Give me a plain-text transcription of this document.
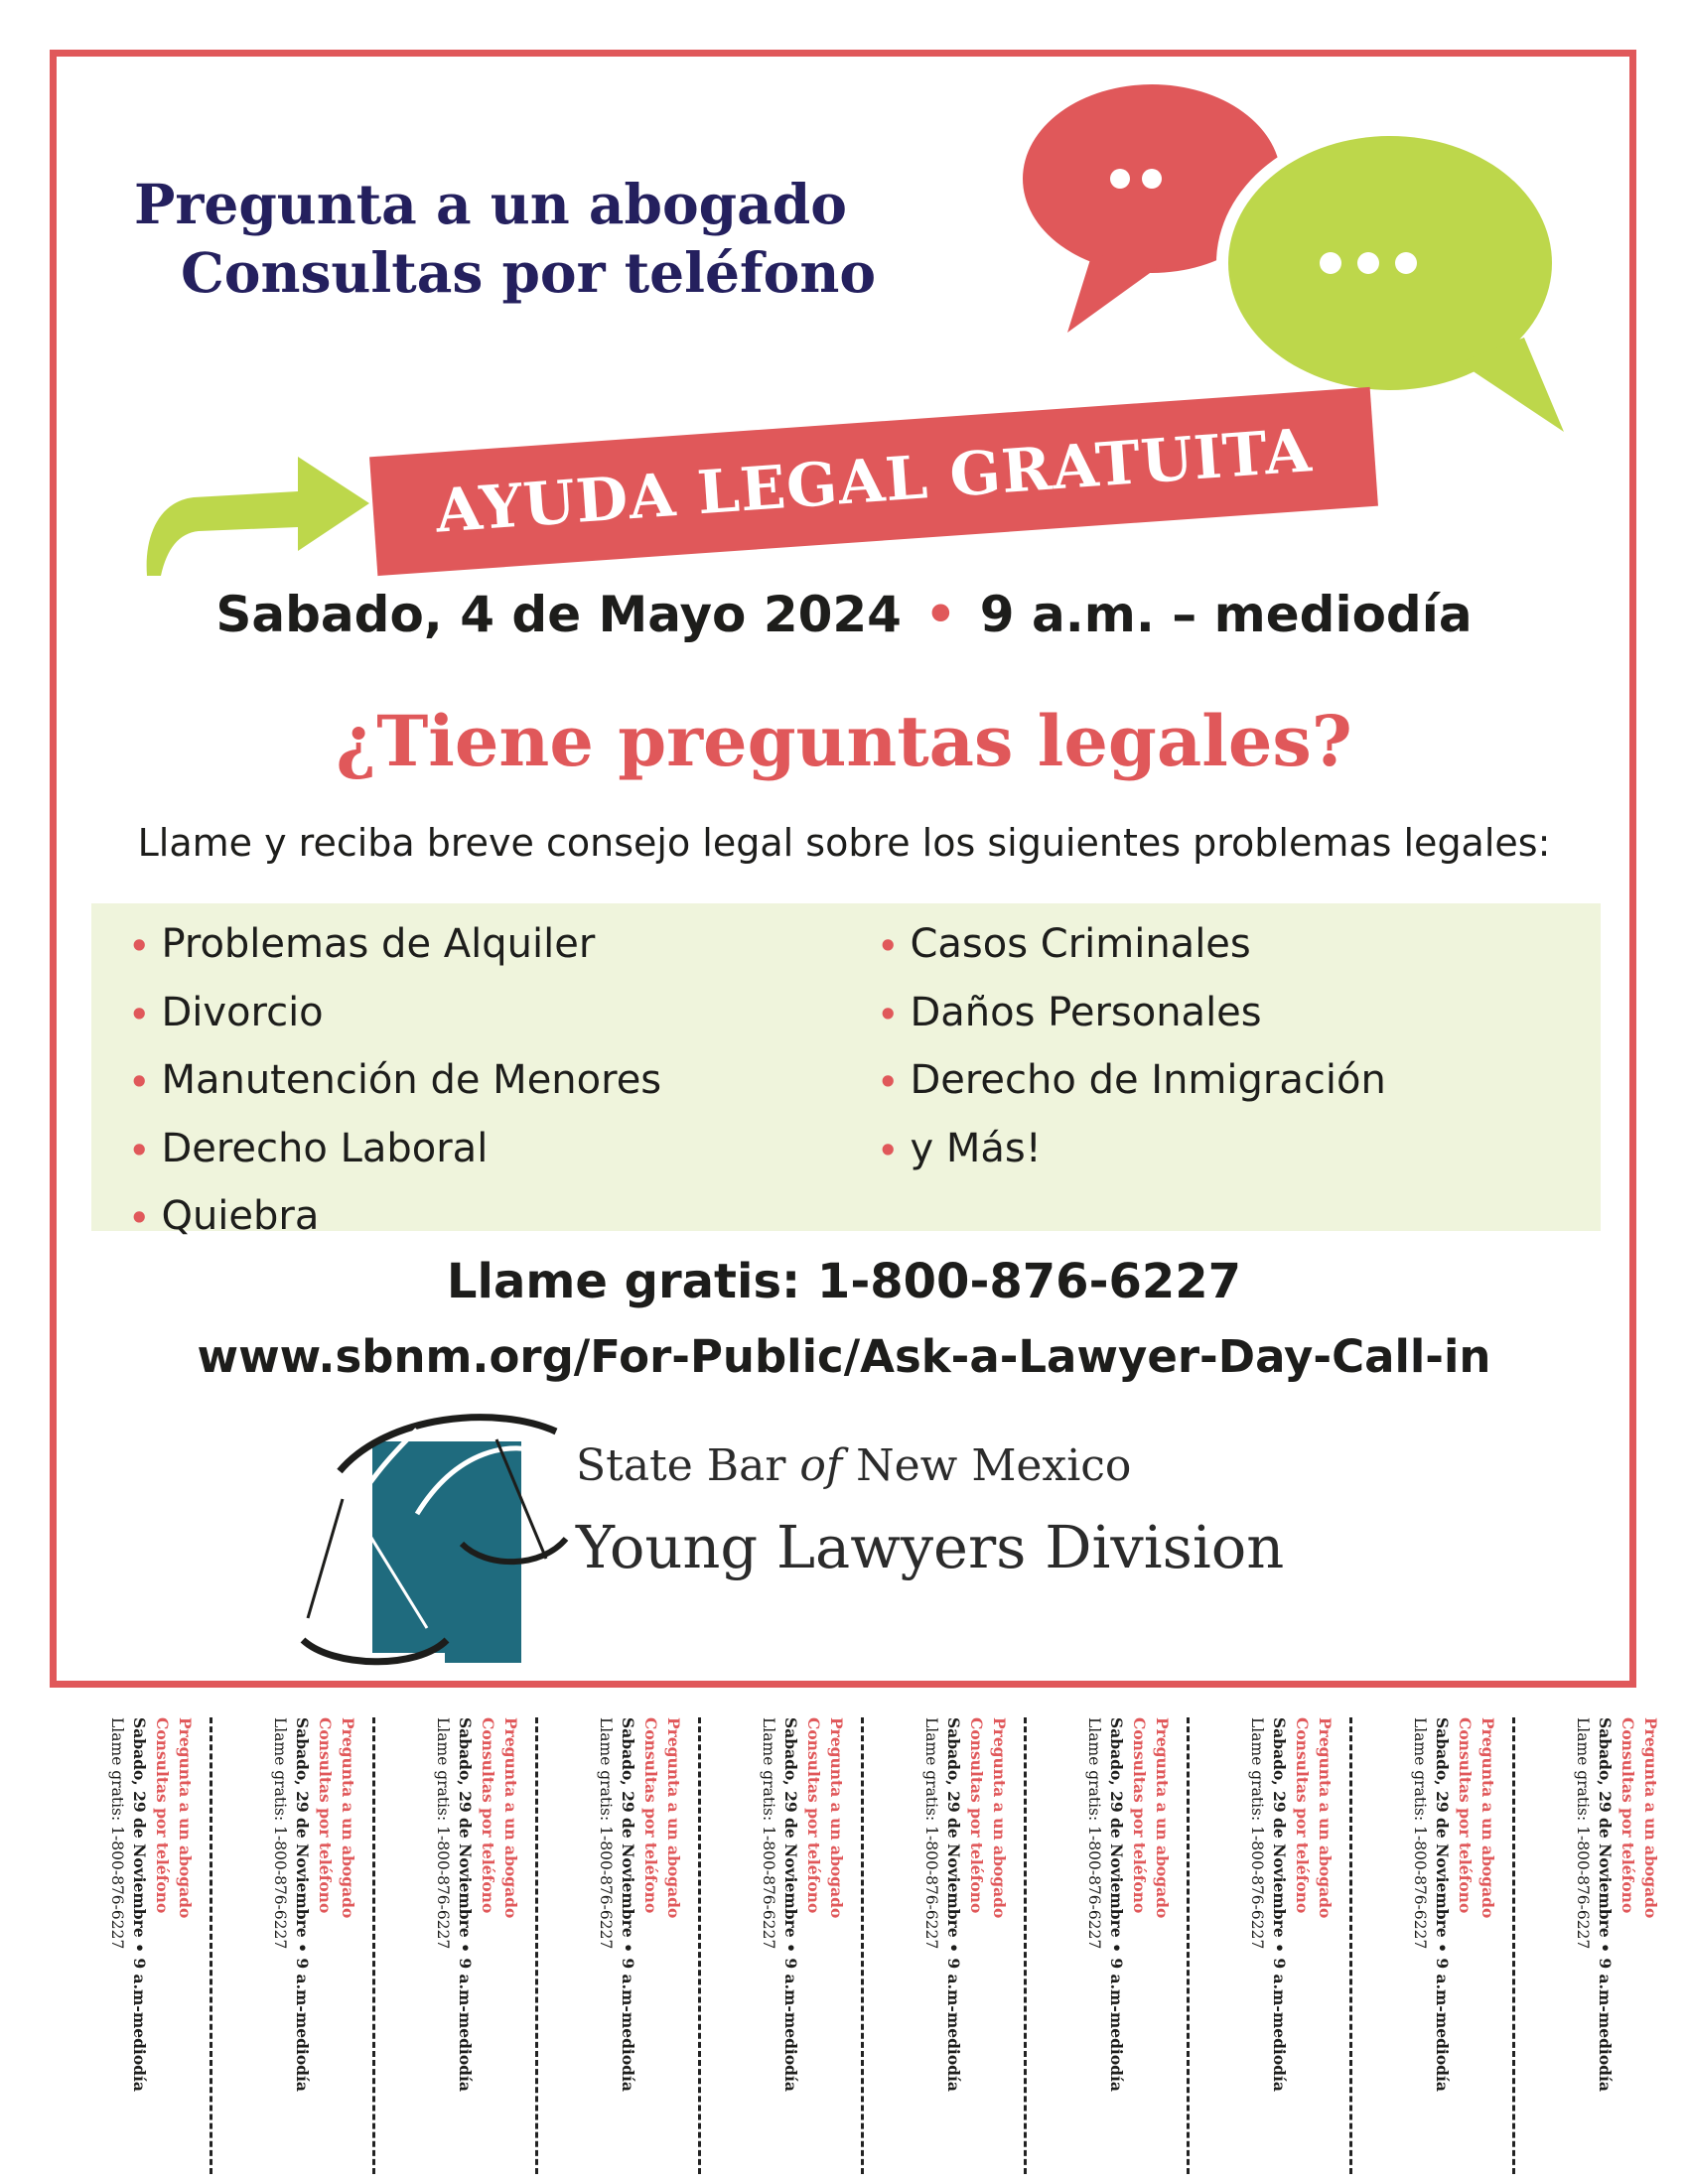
Pregunta a un abogado
Consultas por teléfono
AYUDA LEGAL GRATUITA
Sabado, 4 de Mayo 2024 • 9 a.m. – mediodía
¿Tiene preguntas legales?
Llame y reciba breve consejo legal sobre los siguientes problemas legales:
• Problemas de Alquiler
• Divorcio
• Manutención de Menores
• Derecho Laboral
• Quiebra
• Casos Criminales
• Daños Personales
• Derecho de Inmigración
• y Más!
Llame gratis: 1-800-876-6227
www.sbnm.org/For-Public/Ask-a-Lawyer-Day-Call-in
State Bar of New Mexico
Young Lawyers Division
Pregunta a un abogado
Consultas por teléfono
Sabado, 29 de Noviembre • 9 a.m-mediodía
Llame gratis: 1-800-876-6227	Pregunta a un abogado
Consultas por teléfono
Sabado, 29 de Noviembre • 9 a.m-mediodía
Llame gratis: 1-800-876-6227	Pregunta a un abogado
Consultas por teléfono
Sabado, 29 de Noviembre • 9 a.m-mediodía
Llame gratis: 1-800-876-6227	Pregunta a un abogado
Consultas por teléfono
Sabado, 29 de Noviembre • 9 a.m-mediodía
Llame gratis: 1-800-876-6227	Pregunta a un abogado
Consultas por teléfono
Sabado, 29 de Noviembre • 9 a.m-mediodía
Llame gratis: 1-800-876-6227	Pregunta a un abogado
Consultas por teléfono
Sabado, 29 de Noviembre • 9 a.m-mediodía
Llame gratis: 1-800-876-6227	Pregunta a un abogado
Consultas por teléfono
Sabado, 29 de Noviembre • 9 a.m-mediodía
Llame gratis: 1-800-876-6227	Pregunta a un abogado
Consultas por teléfono
Sabado, 29 de Noviembre • 9 a.m-mediodía
Llame gratis: 1-800-876-6227	Pregunta a un abogado
Consultas por teléfono
Sabado, 29 de Noviembre • 9 a.m-mediodía
Llame gratis: 1-800-876-6227	Pregunta a un abogado
Consultas por teléfono
Sabado, 29 de Noviembre • 9 a.m-mediodía
Llame gratis: 1-800-876-6227
